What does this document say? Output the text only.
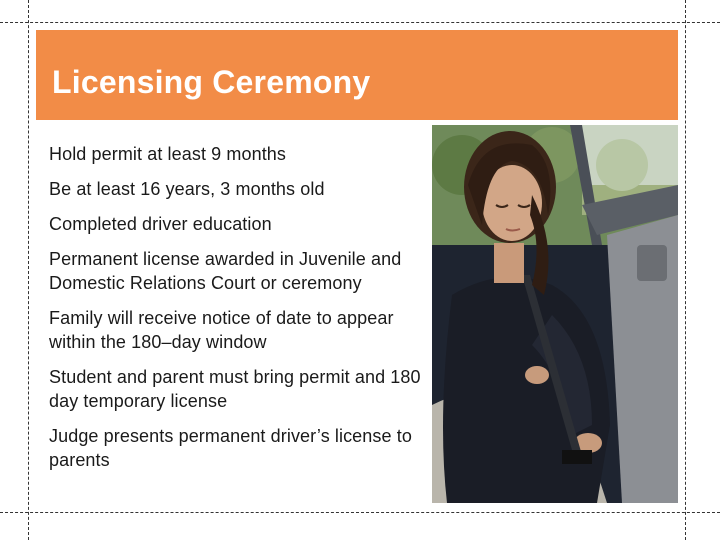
Licensing Ceremony
Hold permit at least 9 months
Be at least 16 years, 3 months old
Completed driver education
Permanent license awarded in Juvenile and Domestic Relations Court or ceremony
Family will receive notice of date to appear within the 180–day window
Student and parent must bring permit and 180 day temporary license
Judge presents permanent driver’s license to parents
